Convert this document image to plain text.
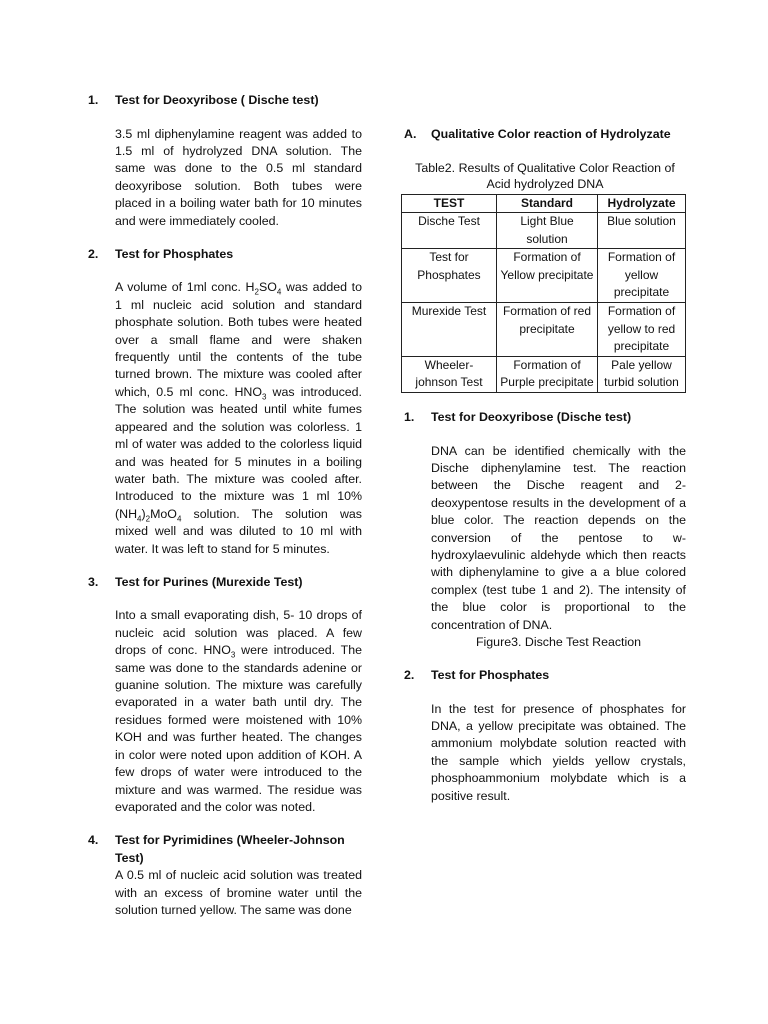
1.	Test for Deoxyribose ( Dische test)
3.5 ml diphenylamine reagent was added to 1.5 ml of hydrolyzed DNA solution. The same was done to the 0.5 ml standard deoxyribose solution. Both tubes were placed in a boiling water bath for 10 minutes and were immediately cooled.
2.	Test for Phosphates
A volume of 1ml conc. $H_2SO_4$ was added to 1 ml nucleic acid solution and standard phosphate solution. Both tubes were heated over a small flame and were shaken frequently until the contents of the tube turned brown. The mixture was cooled after which, 0.5 ml conc. $HNO_3$ was introduced. The solution was heated until white fumes appeared and the solution was colorless. 1 ml of water was added to the colorless liquid and was heated for 5 minutes in a boiling water bath. The mixture was cooled after. Introduced to the mixture was 1 ml 10% $(NH_4)_2MoO_4$ solution. The solution was mixed well and was diluted to 10 ml with water. It was left to stand for 5 minutes.
3.	Test for Purines (Murexide Test)
Into a small evaporating dish, 5- 10 drops of nucleic acid solution was placed. A few drops of conc. $HNO_3$ were introduced. The same was done to the standards adenine or guanine solution. The mixture was carefully evaporated in a water bath until dry. The residues formed were moistened with 10% KOH and was further heated. The changes in color were noted upon addition of KOH. A few drops of water were introduced to the mixture and was warmed. The residue was evaporated and the color was noted.
4.	Test for Pyrimidines (Wheeler-Johnson Test)
A 0.5 ml of nucleic acid solution was treated with an excess of bromine water until the solution turned yellow. The same was done
A.	Qualitative Color reaction of Hydrolyzate
Table2. Results of Qualitative Color Reaction of Acid hydrolyzed DNA
TEST	Standard	Hydrolyzate
Dische Test	Light Blue solution	Blue solution
Test for Phosphates	Formation of Yellow precipitate	Formation of yellow precipitate
Murexide Test	Formation of red precipitate	Formation of yellow to red precipitate
Wheeler-johnson Test	Formation of Purple precipitate	Pale yellow turbid solution
1.	Test for Deoxyribose (Dische test)
DNA can be identified chemically with the Dische diphenylamine test. The reaction between the Dische reagent and 2-deoxypentose results in the development of a blue color. The reaction depends on the conversion of the pentose to w-hydroxylaevulinic aldehyde which then reacts with diphenylamine to give a a blue colored complex (test tube 1 and 2). The intensity of the blue color is proportional to the concentration of DNA.
Figure3. Dische Test Reaction
2.	Test for Phosphates
In the test for presence of phosphates for DNA, a yellow precipitate was obtained. The ammonium molybdate solution reacted with the sample which yields yellow crystals, phosphoammonium molybdate which is a positive result.
